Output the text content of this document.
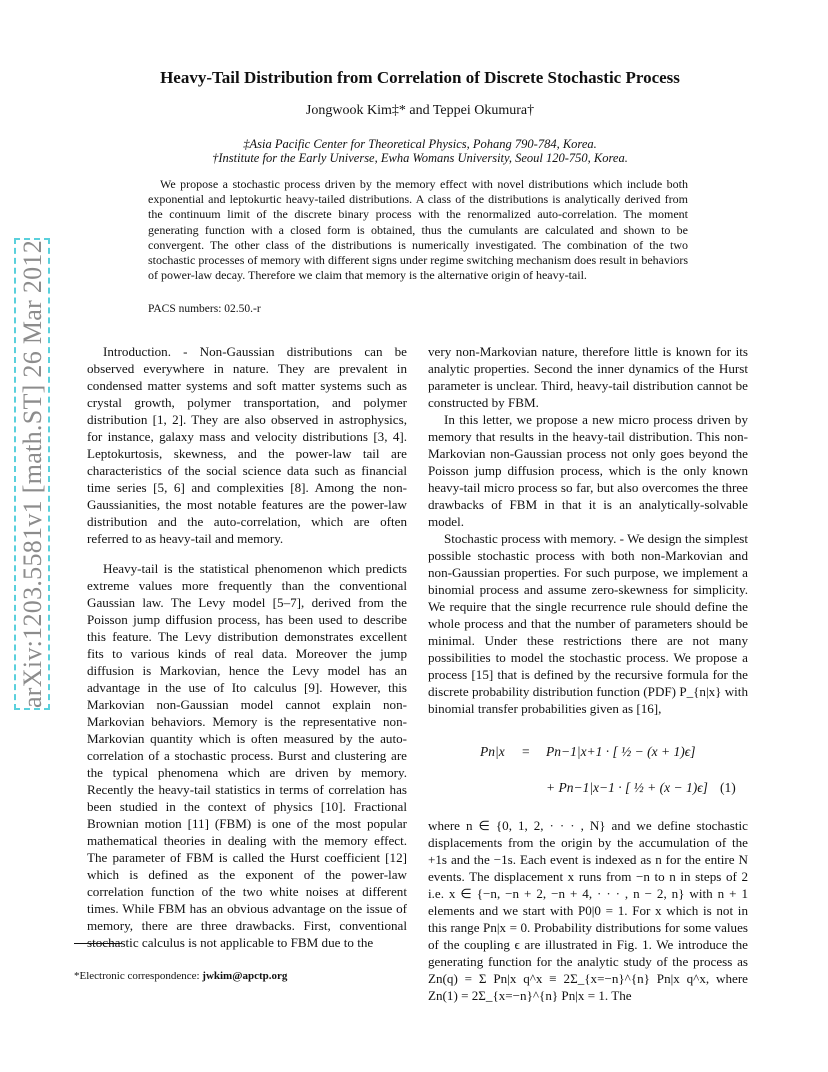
arXiv:1203.5581v1 [math.ST] 26 Mar 2012
Heavy-Tail Distribution from Correlation of Discrete Stochastic Process
Jongwook Kim‡* and Teppei Okumura†
‡Asia Pacific Center for Theoretical Physics, Pohang 790-784, Korea.
†Institute for the Early Universe, Ewha Womans University, Seoul 120-750, Korea.
We propose a stochastic process driven by the memory effect with novel distributions which include both exponential and leptokurtic heavy-tailed distributions. A class of the distributions is analytically derived from the continuum limit of the discrete binary process with the renormalized auto-correlation. The moment generating function with a closed form is obtained, thus the cumulants are calculated and shown to be convergent. The other class of the distributions is numerically investigated. The combination of the two stochastic processes of memory with different signs under regime switching mechanism does result in behaviors of power-law decay. Therefore we claim that memory is the alternative origin of heavy-tail.
PACS numbers: 02.50.-r

Introduction. - Non-Gaussian distributions can be observed everywhere in nature. They are prevalent in condensed matter systems and soft matter systems such as crystal growth, polymer transportation, and polymer distribution [1, 2]. They are also observed in astrophysics, for instance, galaxy mass and velocity distributions [3, 4]. Leptokurtosis, skewness, and the power-law tail are characteristics of the social science data such as financial time series [5, 6] and complexities [8]. Among the non-Gaussianities, the most notable features are the power-law distribution and the auto-correlation, which are often referred to as heavy-tail and memory.

Heavy-tail is the statistical phenomenon which predicts extreme values more frequently than the conventional Gaussian law. The Levy model [5–7], derived from the Poisson jump diffusion process, has been used to describe this feature. The Levy distribution demonstrates excellent fits to various kinds of real data. Moreover the jump diffusion is Markovian, hence the Levy model has an advantage in the use of Ito calculus [9]. However, this Markovian non-Gaussian model cannot explain non-Markovian behaviors. Memory is the representative non-Markovian quantity which is often measured by the auto-correlation of a stochastic process. Burst and clustering are the typical phenomena which are driven by memory. Recently the heavy-tail statistics in terms of correlation has been studied in the context of physics [10]. Fractional Brownian motion [11] (FBM) is one of the most popular mathematical theories in dealing with the memory effect. The parameter of FBM is called the Hurst coefficient [12] which is defined as the exponent of the power-law correlation function of the two white noises at different times. While FBM has an obvious advantage on the issue of memory, there are three drawbacks. First, conventional stochastic calculus is not applicable to FBM due to the

very non-Markovian nature, therefore little is known for its analytic properties. Second the inner dynamics of the Hurst parameter is unclear. Third, heavy-tail distribution cannot be constructed by FBM.

In this letter, we propose a new micro process driven by memory that results in the heavy-tail distribution. This non-Markovian non-Gaussian process not only goes beyond the Poisson jump diffusion process, which is the only known heavy-tail micro process so far, but also overcomes the three drawbacks of FBM in that it is an analytically-solvable model.

Stochastic process with memory. - We design the simplest possible stochastic process with both non-Markovian and non-Gaussian properties. For such purpose, we implement a binomial process and assume zero-skewness for simplicity. We require that the single recurrence rule should define the whole process and that the number of parameters should be minimal. Under these restrictions there are not many possibilities to model the stochastic process. We propose a process [15] that is defined by the recursive formula for the discrete probability distribution function (PDF) P_{n|x} with binomial transfer probabilities given as [16],

Pn|x = Pn−1|x+1 · [ ½ − (x + 1)ϵ]
+ Pn−1|x−1 · [ ½ + (x − 1)ϵ] (1)

where n ∈ {0, 1, 2, · · · , N} and we define stochastic displacements from the origin by the accumulation of the +1s and the −1s. Each event is indexed as n for the entire N events. The displacement x runs from −n to n in steps of 2 i.e. x ∈ {−n, −n + 2, −n + 4, · · · , n − 2, n} with n + 1 elements and we start with P0|0 = 1. For x which is not in this range Pn|x = 0. Probability distributions for some values of the coupling ϵ are illustrated in Fig. 1. We introduce the generating function for the analytic study of the process as Zn(q) = Σ Pn|x q^x ≡ 2Σ_{x=−n}^{n} Pn|x q^x, where Zn(1) = 2Σ_{x=−n}^{n} Pn|x = 1. The

*Electronic correspondence: jwkim@apctp.org
